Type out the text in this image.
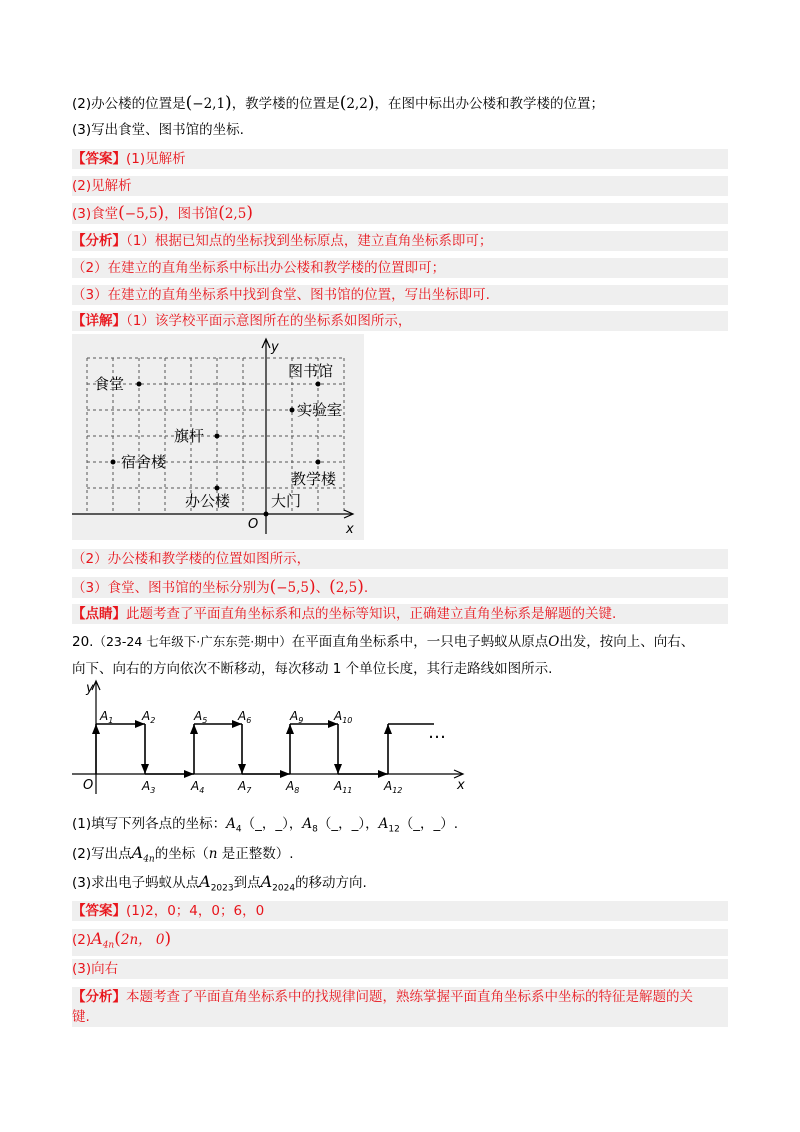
(2)办公楼的位置是(−2,1)，教学楼的位置是(2,2)，在图中标出办公楼和教学楼的位置；
(3)写出食堂、图书馆的坐标.
【答案】(1)见解析
(2)见解析
(3)食堂(−5,5)，图书馆(2,5)
【分析】（1）根据已知点的坐标找到坐标原点，建立直角坐标系即可；
（2）在建立的直角坐标系中标出办公楼和教学楼的位置即可；
（3）在建立的直角坐标系中找到食堂、图书馆的位置，写出坐标即可.
【详解】（1）该学校平面示意图所在的坐标系如图所示，
y
x
O
食堂
图书馆
实验室
旗杆
宿舍楼
教学楼
办公楼	大门
（2）办公楼和教学楼的位置如图所示，
（3）食堂、图书馆的坐标分别为(−5,5)、(2,5).
【点睛】此题考查了平面直角坐标系和点的坐标等知识，正确建立直角坐标系是解题的关键.
20.（23-24 七年级下·广东东莞·期中）在平面直角坐标系中，一只电子蚂蚁从原点O出发，按向上、向右、
向下、向右的方向依次不断移动，每次移动 1 个单位长度，其行走路线如图所示.
y
x
O
…
$A_1$ $A_2$
$A_3$	$A_4$
$A_5$	$A_6$
$A_7$	$A_8$
$A_9$	$A_{10}$
$A_{11}$	$A_{12}$
(1)填写下列各点的坐标：$A_4(\_$，_），$A_8(\_$，_），$A_{12}(\_$，_）.
(2)写出点$A_{4n}$的坐标（n 是正整数）.
(3)求出电子蚂蚁从点$A_{2023}$到点$A_{2024}$的移动方向.
【答案】(1)2，0；4，0；6，0
$(2)A_{4n}(2n$， 0)
(3)向右
【分析】本题考查了平面直角坐标系中的找规律问题，熟练掌握平面直角坐标系中坐标的特征是解题的关
键.
